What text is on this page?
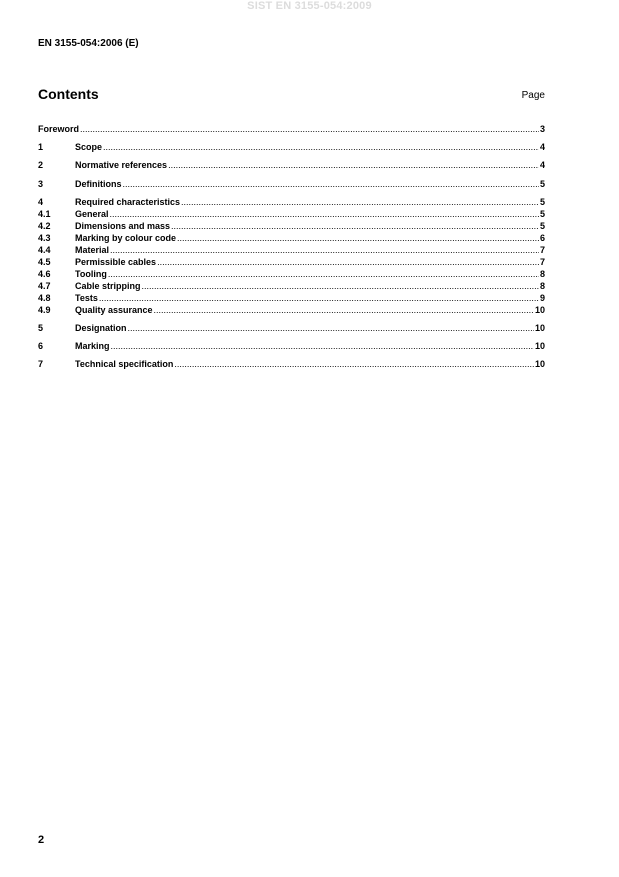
SIST EN 3155-054:2009
EN 3155-054:2006 (E)
Contents	Page
Foreword .....	3
1	Scope .....	4
2	Normative references .....	4
3	Definitions .....	5
4	Required characteristics .....	5
4.1	General .....	5
4.2	Dimensions and mass .....	5
4.3	Marking by colour code .....	6
4.4	Material .....	7
4.5	Permissible cables .....	7
4.6	Tooling .....	8
4.7	Cable stripping .....	8
4.8	Tests .....	9
4.9	Quality assurance .....	10
5	Designation .....	10
6	Marking .....	10
7	Technical specification .....	10
2
